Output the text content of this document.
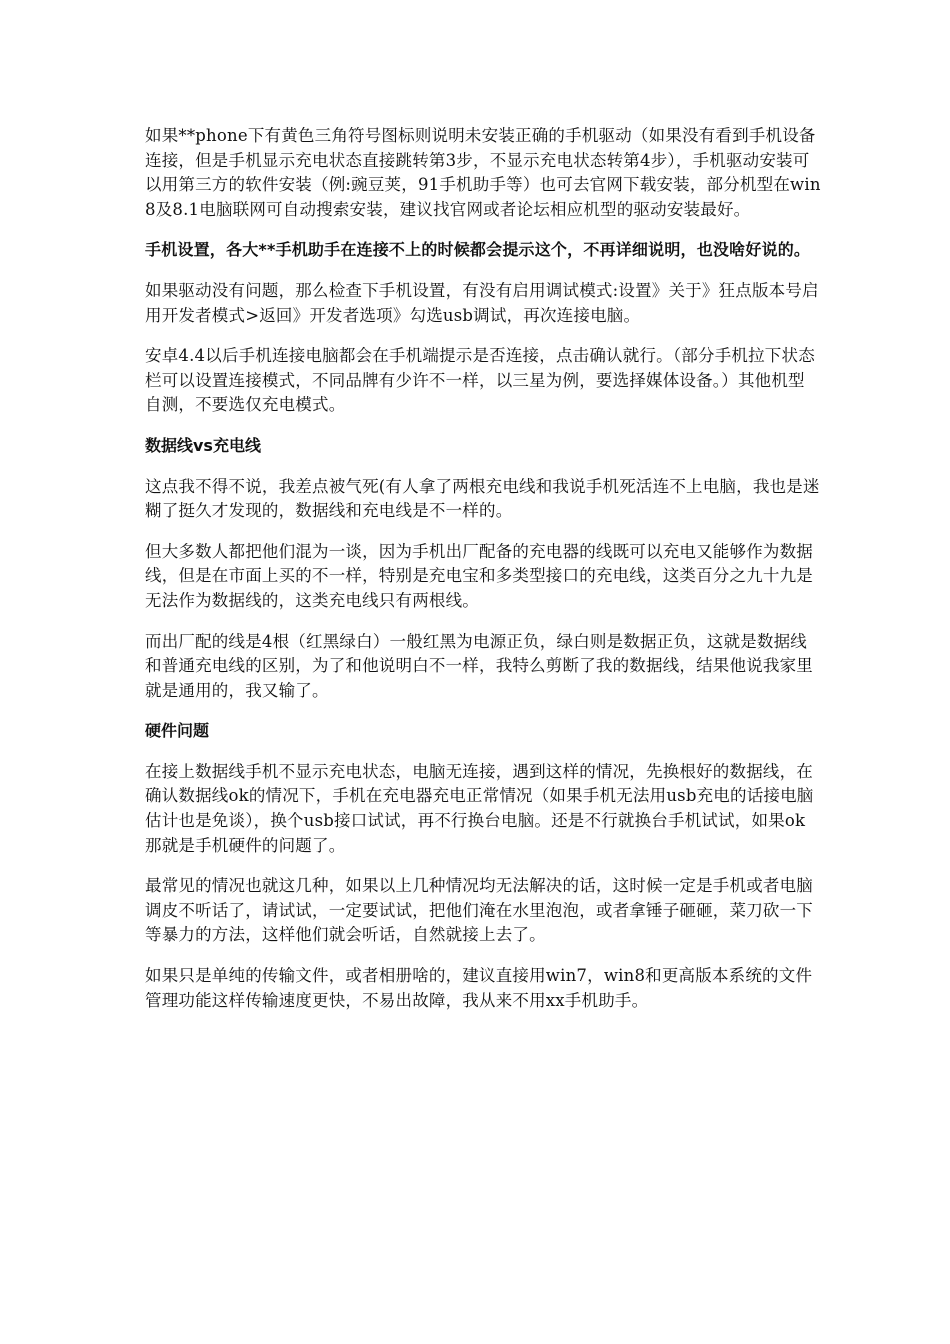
如果**phone下有黄色三角符号图标则说明未安装正确的手机驱动（如果没有看到手机设备连接，但是手机显示充电状态直接跳转第3步，不显示充电状态转第4步），手机驱动安装可以用第三方的软件安装（例:豌豆荚，91手机助手等）也可去官网下载安装，部分机型在win8及8.1电脑联网可自动搜索安装，建议找官网或者论坛相应机型的驱动安装最好。

手机设置，各大**手机助手在连接不上的时候都会提示这个，不再详细说明，也没啥好说的。

如果驱动没有问题，那么检查下手机设置，有没有启用调试模式:设置》关于》狂点版本号启用开发者模式>返回》开发者选项》勾选usb调试，再次连接电脑。

安卓4.4以后手机连接电脑都会在手机端提示是否连接，点击确认就行。（部分手机拉下状态栏可以设置连接模式，不同品牌有少许不一样，以三星为例，要选择媒体设备。）其他机型自测，不要选仅充电模式。

数据线vs充电线

这点我不得不说，我差点被气死(有人拿了两根充电线和我说手机死活连不上电脑，我也是迷糊了挺久才发现的，数据线和充电线是不一样的。

但大多数人都把他们混为一谈，因为手机出厂配备的充电器的线既可以充电又能够作为数据线，但是在市面上买的不一样，特别是充电宝和多类型接口的充电线，这类百分之九十九是无法作为数据线的，这类充电线只有两根线。

而出厂配的线是4根（红黑绿白）一般红黑为电源正负，绿白则是数据正负，这就是数据线和普通充电线的区别，为了和他说明白不一样，我特么剪断了我的数据线，结果他说我家里就是通用的，我又输了。

硬件问题

在接上数据线手机不显示充电状态，电脑无连接，遇到这样的情况，先换根好的数据线，在确认数据线ok的情况下，手机在充电器充电正常情况（如果手机无法用usb充电的话接电脑估计也是免谈），换个usb接口试试，再不行换台电脑。还是不行就换台手机试试，如果ok那就是手机硬件的问题了。

最常见的情况也就这几种，如果以上几种情况均无法解决的话，这时候一定是手机或者电脑调皮不听话了，请试试，一定要试试，把他们淹在水里泡泡，或者拿锤子砸砸，菜刀砍一下等暴力的方法，这样他们就会听话，自然就接上去了。

如果只是单纯的传输文件，或者相册啥的，建议直接用win7，win8和更高版本系统的文件管理功能这样传输速度更快，不易出故障，我从来不用xx手机助手。
